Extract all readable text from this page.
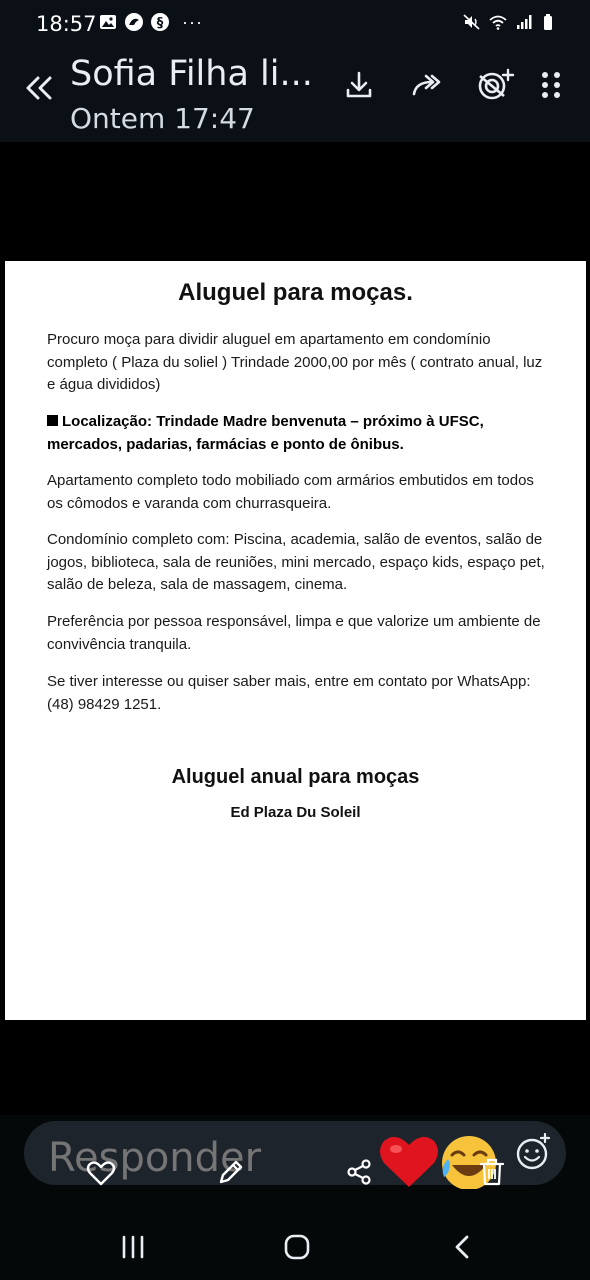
18:57	§ ···
Sofia Filha li...
Ontem 17:47
Aluguel para moças.
Procuro moça para dividir aluguel em apartamento em condomínio completo ( Plaza du soliel ) Trindade 2000,00 por mês ( contrato anual, luz e água divididos)
Localização: Trindade Madre benvenuta – próximo à UFSC, mercados, padarias, farmácias e ponto de ônibus.
Apartamento completo todo mobiliado com armários embutidos em todos os cômodos e varanda com churrasqueira.
Condomínio completo com: Piscina, academia, salão de eventos, salão de jogos, biblioteca, sala de reuniões, mini mercado, espaço kids, espaço pet, salão de beleza, sala de massagem, cinema.
Preferência por pessoa responsável, limpa e que valorize um ambiente de convivência tranquila.
Se tiver interesse ou quiser saber mais, entre em contato por WhatsApp: (48) 98429 1251.
Aluguel anual para moças
Ed Plaza Du Soleil
Responder
